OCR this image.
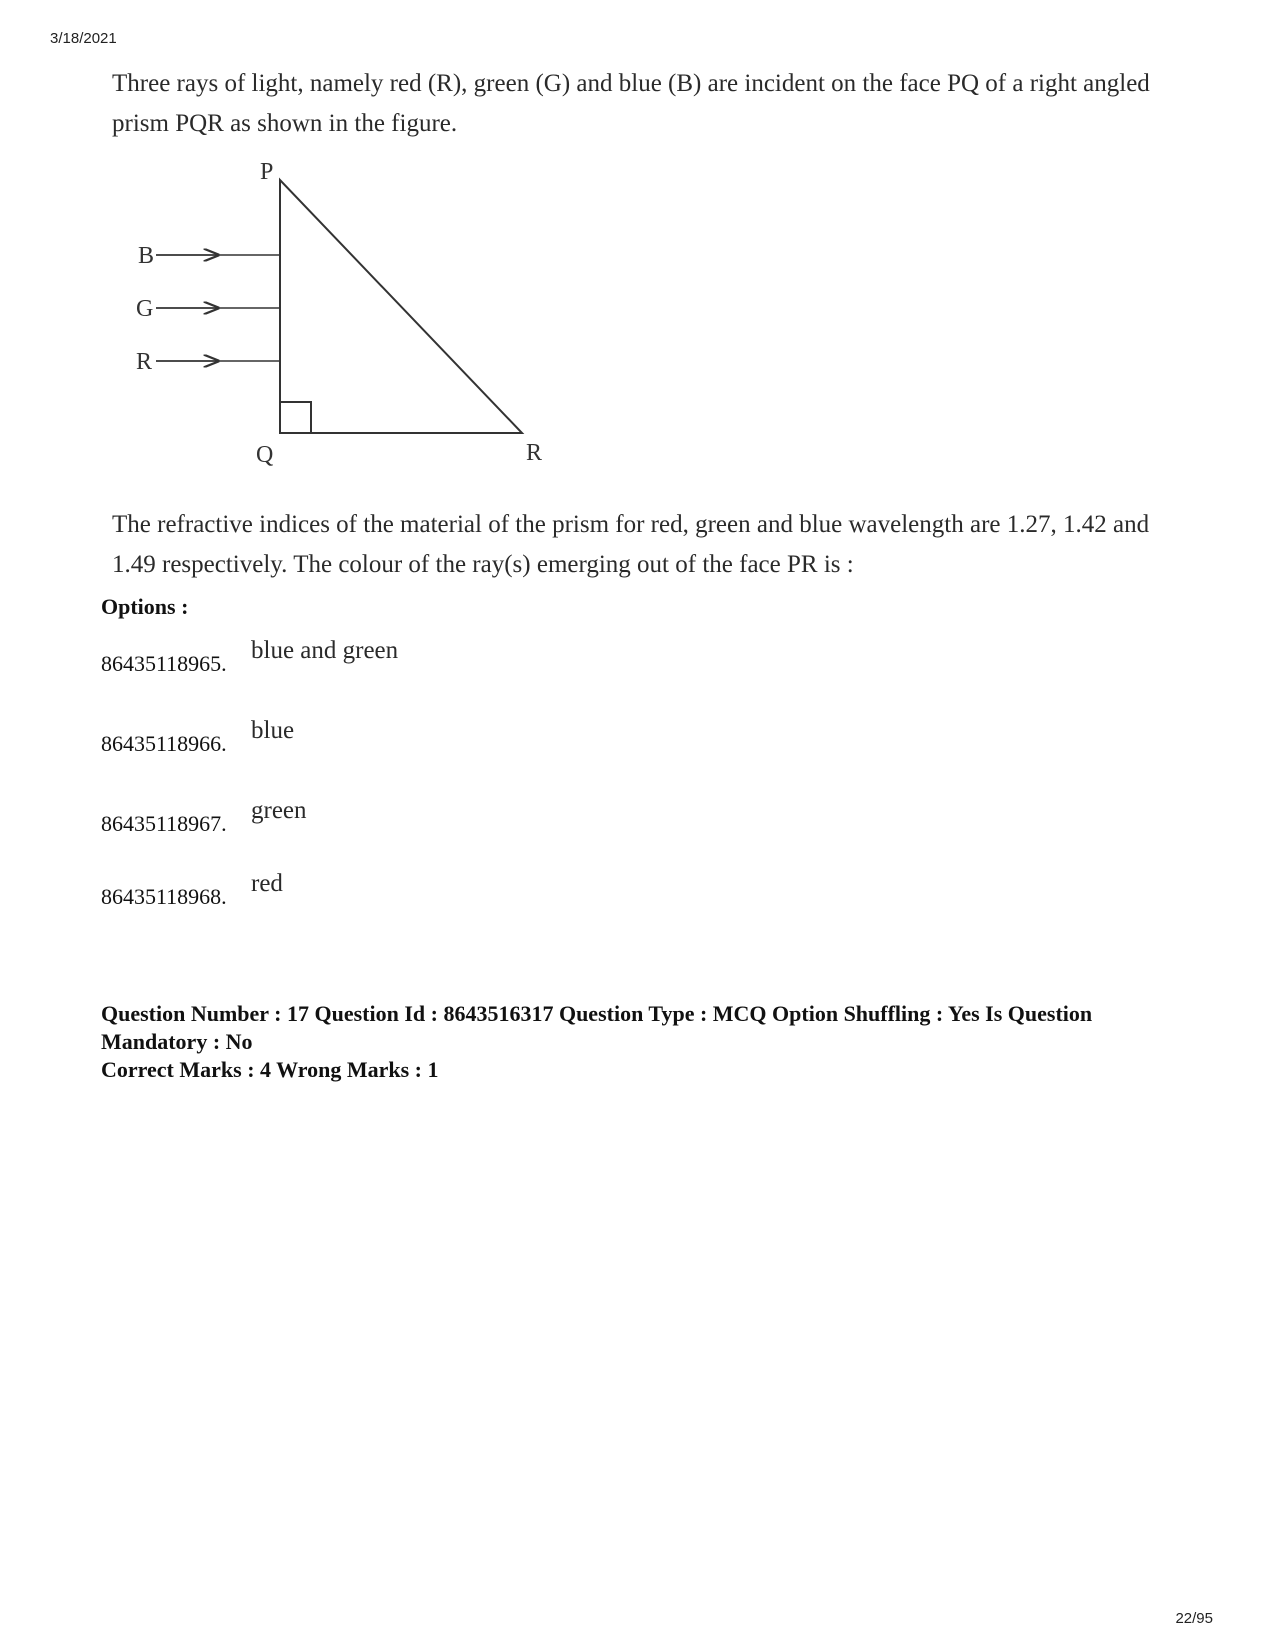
3/18/2021

Three rays of light, namely red (R), green (G) and blue (B) are incident on the face PQ of a right angled prism PQR as shown in the figure.

P
Q	R
B
G
R

The refractive indices of the material of the prism for red, green and blue wavelength are 1.27, 1.42 and 1.49 respectively. The colour of the ray(s) emerging out of the face PR is :

Options :
86435118965. blue and green
86435118966. blue
86435118967. green
86435118968. red
Question Number : 17 Question Id : 8643516317 Question Type : MCQ Option Shuffling : Yes Is Question Mandatory : No
Correct Marks : 4 Wrong Marks : 1
22/95
